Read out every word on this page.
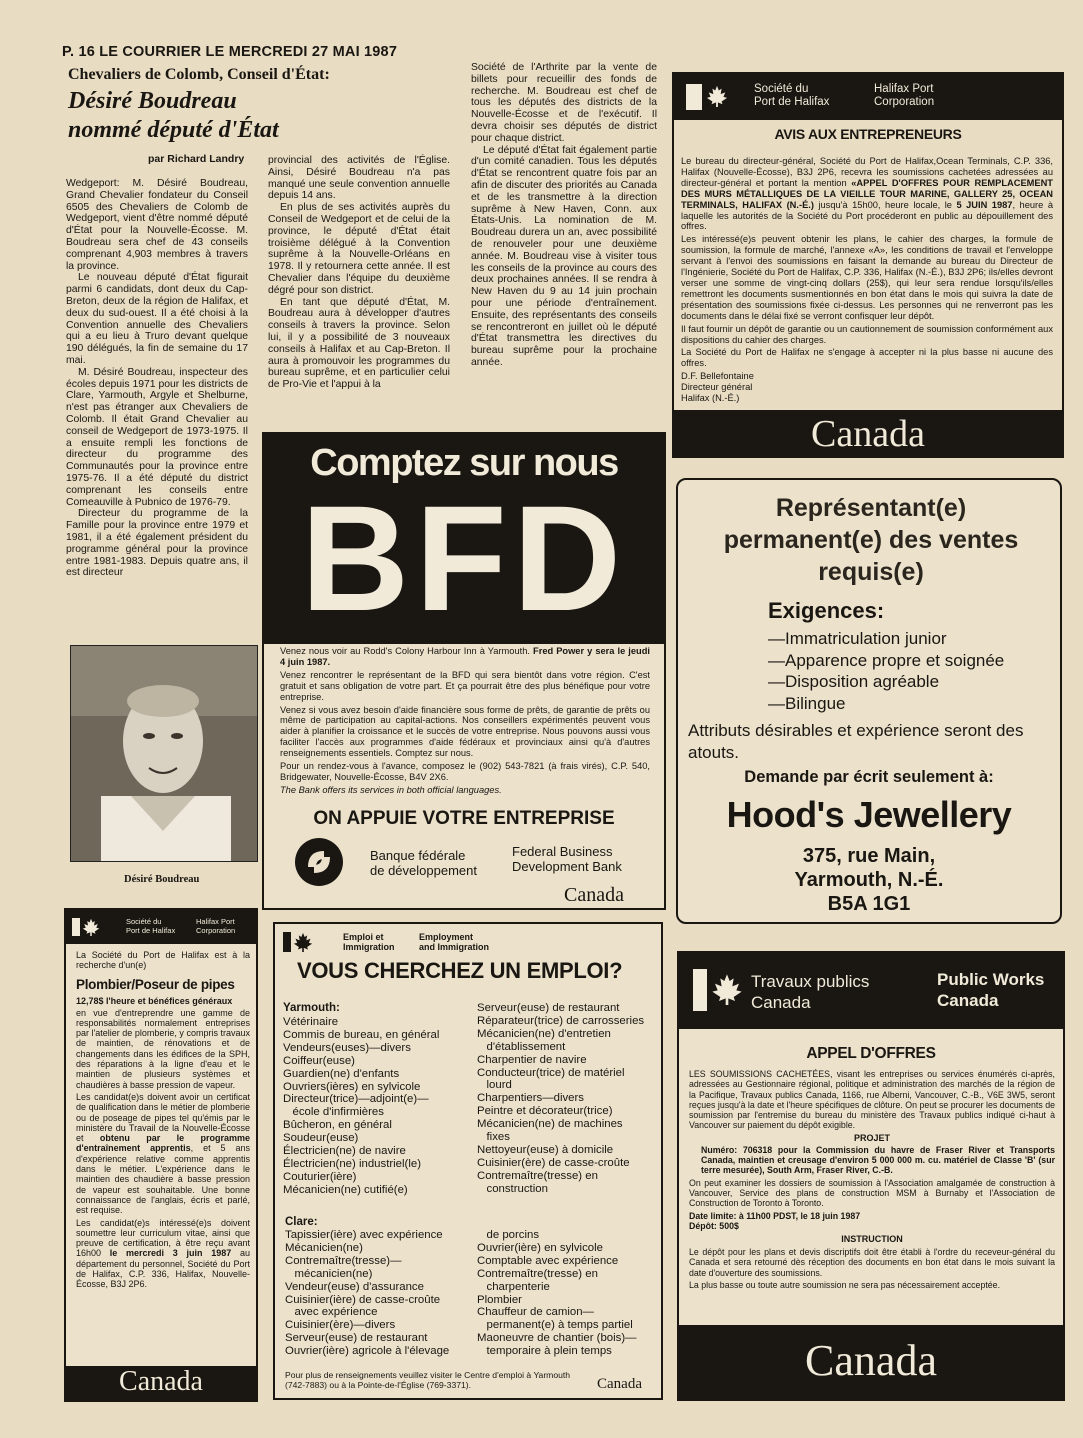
P. 16 LE COURRIER LE MERCREDI 27 MAI 1987
Chevaliers de Colomb, Conseil d'État:
Désiré Boudreau
nommé député d'État
par Richard Landry

Wedgeport: M. Désiré Boudreau, Grand Chevalier fondateur du Conseil 6505 des Chevaliers de Colomb de Wedgeport, vient d'être nommé député d'État pour la Nouvelle-Écosse. M. Boudreau sera chef de 43 conseils comprenant 4,903 membres à travers la province.

Le nouveau député d'État figurait parmi 6 candidats, dont deux du Cap-Breton, deux de la région de Halifax, et deux du sud-ouest. Il a été choisi à la Convention annuelle des Chevaliers qui a eu lieu à Truro devant quelque 190 délégués, la fin de semaine du 17 mai.

M. Désiré Boudreau, inspecteur des écoles depuis 1971 pour les districts de Clare, Yarmouth, Argyle et Shelburne, n'est pas étranger aux Chevaliers de Colomb. Il était Grand Chevalier au conseil de Wedgeport de 1973-1975. Il a ensuite rempli les fonctions de directeur du programme des Communautés pour la province entre 1975-76. Il a été député du district comprenant les conseils entre Comeauville à Pubnico de 1976-79.

Directeur du programme de la Famille pour la province entre 1979 et 1981, il a été également président du programme général pour la province entre 1981-1983. Depuis quatre ans, il est directeur

provincial des activités de l'Église. Ainsi, Désiré Boudreau n'a pas manqué une seule convention annuelle depuis 14 ans.

En plus de ses activités auprès du Conseil de Wedgeport et de celui de la province, le député d'État était troisième délégué à la Convention suprême à la Nouvelle-Orléans en 1978. Il y retournera cette année. Il est Chevalier dans l'équipe du deuxième dégré pour son district.

En tant que député d'État, M. Boudreau aura à développer d'autres conseils à travers la province. Selon lui, il y a possibilité de 3 nouveaux conseils à Halifax et au Cap-Breton. Il aura à promouvoir les programmes du bureau suprême, et en particulier celui de Pro-Vie et l'appui à la

Société de l'Arthrite par la vente de billets pour recueillir des fonds de recherche. M. Boudreau est chef de tous les députés des districts de la Nouvelle-Écosse et de l'exécutif. Il devra choisir ses députés de district pour chaque district.

Le député d'État fait également partie d'un comité canadien. Tous les députés d'État se rencontrent quatre fois par an afin de discuter des priorités au Canada et de les transmettre à la direction suprême à New Haven, Conn. aux États-Unis. La nomination de M. Boudreau durera un an, avec possibilité de renouveler pour une deuxième année. M. Boudreau vise à visiter tous les conseils de la province au cours des deux prochaines années. Il se rendra à New Haven du 9 au 14 juin prochain pour une période d'entraînement. Ensuite, des représentants des conseils se rencontreront en juillet où le député d'État transmettra les directives du bureau suprême pour la prochaine année.

Désiré Boudreau
Société du
Port de Halifax
Halifax Port
Corporation
AVIS AUX ENTREPRENEURS

Le bureau du directeur-général, Société du Port de Halifax,Ocean Terminals, C.P. 336, Halifax (Nouvelle-Écosse), B3J 2P6, recevra les soumissions cachetées adressées au directeur-général et portant la mention «APPEL D'OFFRES POUR REMPLACEMENT DES MURS MÉTALLIQUES DE LA VIEILLE TOUR MARINE, GALLERY 25, OCEAN TERMINALS, HALIFAX (N.-É.) jusqu'à 15h00, heure locale, le 5 JUIN 1987, heure à laquelle les autorités de la Société du Port procéderont en public au dépouillement des offres.

Les intéressé(e)s peuvent obtenir les plans, le cahier des charges, la formule de soumission, la formule de marché, l'annexe «A», les conditions de travail et l'enveloppe servant à l'envoi des soumissions en faisant la demande au bureau du Directeur de l'Ingénierie, Société du Port de Halifax, C.P. 336, Halifax (N.-É.), B3J 2P6; ils/elles devront verser une somme de vingt-cinq dollars (25$), qui leur sera rendue lorsqu'ils/elles remettront les documents susmentionnés en bon état dans le mois qui suivra la date de présentation des soumissions fixée ci-dessus. Les personnes qui ne renverront pas les documents dans le délai fixé se verront confisquer leur dépôt.

Il faut fournir un dépôt de garantie ou un cautionnement de soumission conformément aux dispositions du cahier des charges.

La Société du Port de Halifax ne s'engage à accepter ni la plus basse ni aucune des offres.

D.F. Bellefontaine
Directeur général
Halifax (N.-É.)
Canada
Comptez sur nous
BFD

Venez nous voir au Rodd's Colony Harbour Inn à Yarmouth. Fred Power y sera le jeudi 4 juin 1987.

Venez rencontrer le représentant de la BFD qui sera bientôt dans votre région. C'est gratuit et sans obligation de votre part. Et ça pourrait être des plus bénéfique pour votre entreprise.

Venez si vous avez besoin d'aide financière sous forme de prêts, de garantie de prêts ou même de participation au capital-actions. Nos conseillers expérimentés peuvent vous aider à planifier la croissance et le succès de votre entreprise. Nous pouvons aussi vous faciliter l'accès aux programmes d'aide fédéraux et provinciaux ainsi qu'à d'autres renseignements essentiels. Comptez sur nous.

Pour un rendez-vous à l'avance, composez le (902) 543-7821 (à frais virés), C.P. 540, Bridgewater, Nouvelle-Écosse, B4V 2X6.

The Bank offers its services in both official languages.

ON APPUIE VOTRE ENTREPRISE
Banque fédérale
de développement
Federal Business
Development Bank
Canada
Représentant(e) permanent(e) des ventes requis(e)
Exigences:
—Immatriculation junior
—Apparence propre et soignée
—Disposition agréable
—Bilingue
Attributs désirables et expérience seront des atouts.
Demande par écrit seulement à:
Hood's Jewellery
375, rue Main,
Yarmouth, N.-É.
B5A 1G1
Société du
Port de Halifax
Halifax Port
Corporation

La Société du Port de Halifax est à la recherche d'un(e)

Plombier/Poseur de pipes
12,78$ l'heure et bénéfices généraux

en vue d'entreprendre une gamme de responsabilités normalement entreprises par l'atelier de plomberie, y compris travaux de maintien, de rénovations et de changements dans les édifices de la SPH, des réparations à la ligne d'eau et le maintien de plusieurs systèmes et chaudières à basse pression de vapeur.

Les candidat(e)s doivent avoir un certificat de qualification dans le métier de plomberie ou de poseage de pipes tel qu'émis par le ministère du Travail de la Nouvelle-Écosse et obtenu par le programme d'entraînement apprentis, et 5 ans d'expérience relative comme apprentis dans le métier. L'expérience dans le maintien des chaudière à basse pression de vapeur est souhaitable. Une bonne connaissance de l'anglais, écris et parlé, est requise.

Les candidat(e)s intéressé(e)s doivent soumettre leur curriculum vitae, ainsi que preuve de certification, à être reçu avant 16h00 le mercredi 3 juin 1987 au département du personnel, Société du Port de Halifax, C.P. 336, Halifax, Nouvelle-Écosse, B3J 2P6.

Canada
Emploi et
Immigration
Employment
and Immigration
VOUS CHERCHEZ UN EMPLOI?
Yarmouth:
Vétérinaire
Commis de bureau, en général
Vendeurs(euses)—divers
Coiffeur(euse)
Guardien(ne) d'enfants
Ouvriers(ières) en sylvicole
Directeur(trice)—adjoint(e)—
école d'infirmières
Bûcheron, en général
Soudeur(euse)
Électricien(ne) de navire
Électricien(ne) industriel(le)
Couturier(ière)
Mécanicien(ne) cutifié(e)
Serveur(euse) de restaurant
Réparateur(trice) de carrosseries
Mécanicien(ne) d'entretien
d'établissement
Charpentier de navire
Conducteur(trice) de matériel
lourd
Charpentiers—divers
Peintre et décorateur(trice)
Mécanicien(ne) de machines
fixes
Nettoyeur(euse) à domicile
Cuisinier(ère) de casse-croûte
Contremaître(tresse) en
construction
Clare:
Tapissier(ière) avec expérience
Mécanicien(ne)
Contremaître(tresse)—
mécanicien(ne)
Vendeur(euse) d'assurance
Cuisinier(ière) de casse-croûte
avec expérience
Cuisinier(ère)—divers
Serveur(euse) de restaurant
Ouvrier(ière) agricole à l'élevage
de porcins
Ouvrier(ière) en sylvicole
Comptable avec expérience
Contremaître(tresse) en
charpenterie
Plombier
Chauffeur de camion—
permanent(e) à temps partiel
Maoneuvre de chantier (bois)—
temporaire à plein temps
Pour plus de renseignements veuillez visiter le Centre d'emploi à Yarmouth (742-7883) ou à la Pointe-de-l'Église (769-3371).	Canada
Travaux publics
Canada
Public Works
Canada
APPEL D'OFFRES

LES SOUMISSIONS CACHETÉES, visant les entreprises ou services énumérés ci-après, adressées au Gestionnaire régional, politique et administration des marchés de la région de la Pacifique, Travaux publics Canada, 1166, rue Alberni, Vancouver, C.-B., V6E 3W5, seront reçues jusqu'à la date et l'heure spécifiques de clôture. On peut se procurer les documents de soumission par l'entremise du bureau du ministère des Travaux publics indiqué ci-haut à Vancouver sur paiement du dépôt exigible.

PROJET

Numéro: 706318 pour la Commission du havre de Fraser River et Transports Canada, maintien et creusage d'environ 5 000 000 m. cu. matériel de Classe 'B' (sur terre mesurée), South Arm, Fraser River, C.-B.

On peut examiner les dossiers de soumission à l'Association amalgamée de construction à Vancouver, Service des plans de construction MSM à Burnaby et l'Association de Construction de Toronto à Toronto.

Date limite: à 11h00 PDST, le 18 juin 1987
Dépôt: 500$
INSTRUCTION

Le dépôt pour les plans et devis discriptifs doit être établi à l'ordre du receveur-général du Canada et sera retourné dès réception des documents en bon état dans le mois suivant la date d'ouverture des soumissions.

La plus basse ou toute autre soumission ne sera pas nécessairement acceptée.

Canada
